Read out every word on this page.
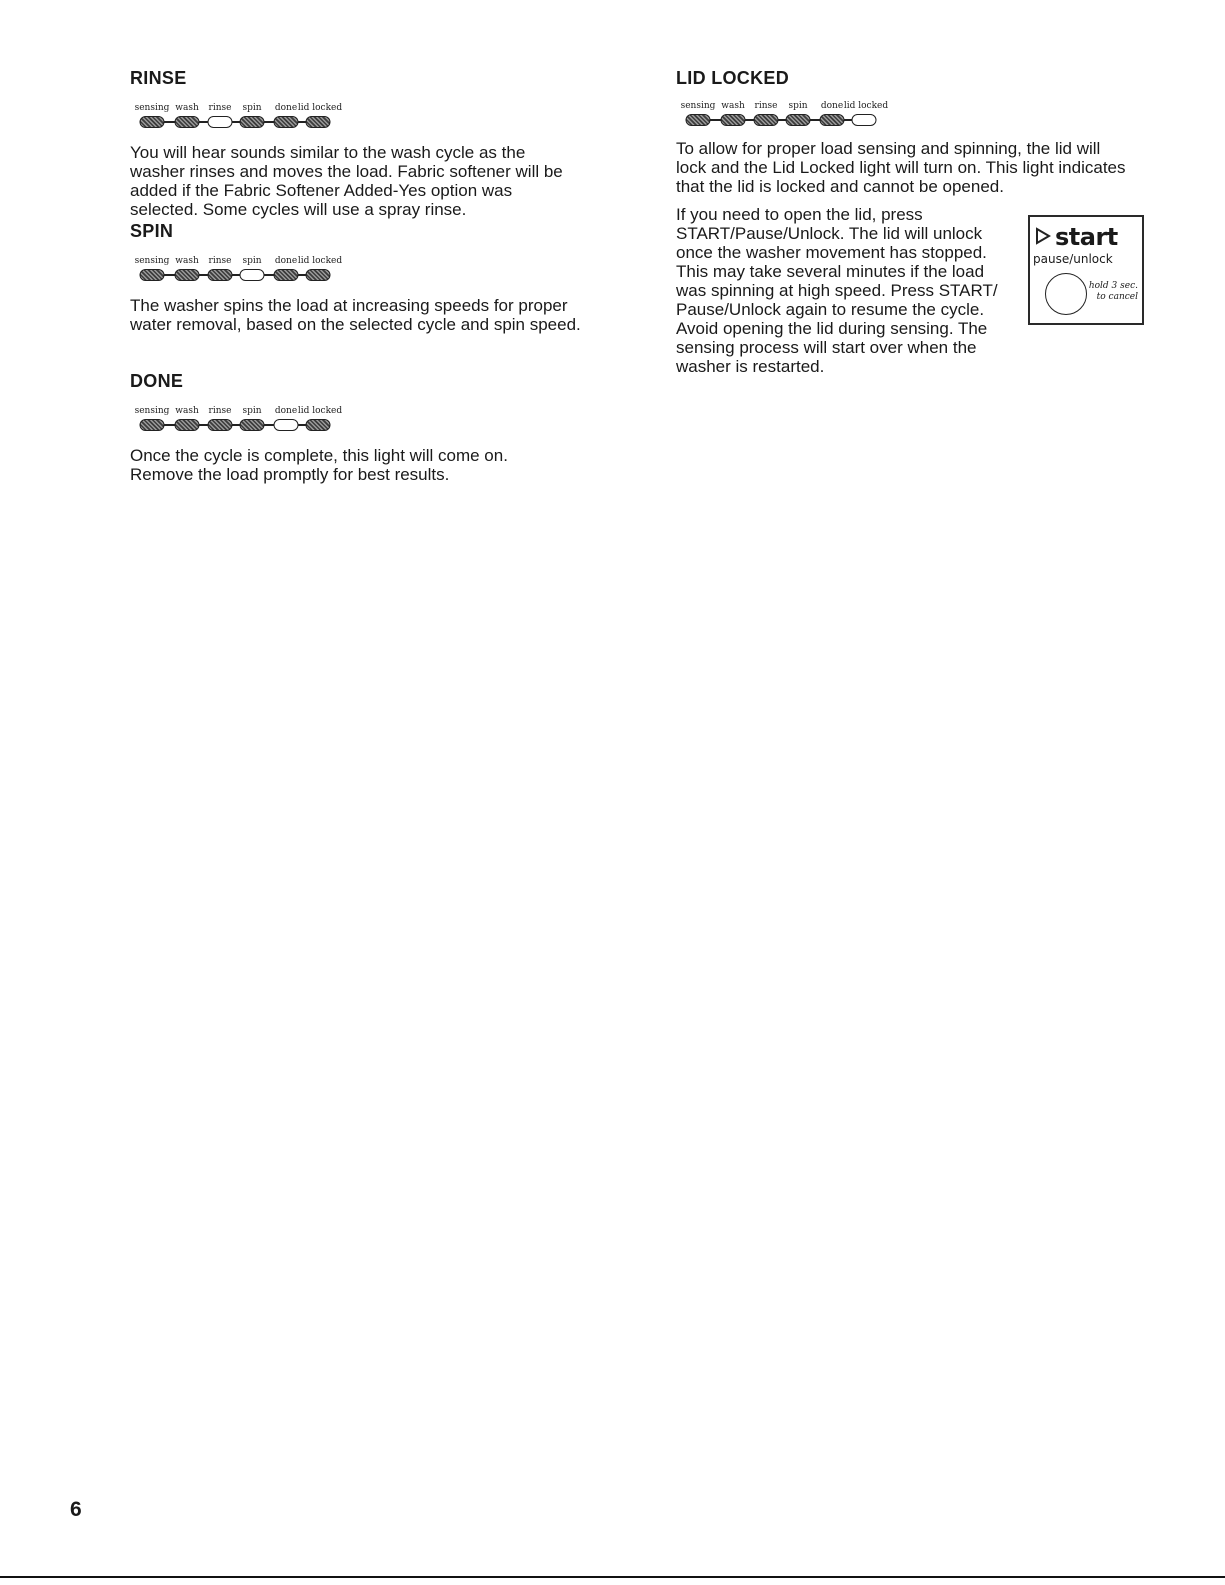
RINSE
sensing wash rinse spin done lid locked

You will hear sounds similar to the wash cycle as the washer rinses and moves the load. Fabric softener will be added if the Fabric Softener Added-Yes option was selected. Some cycles will use a spray rinse.

SPIN
sensing wash rinse spin done lid locked

The washer spins the load at increasing speeds for proper water removal, based on the selected cycle and spin speed.

DONE
sensing wash rinse spin done lid locked

Once the cycle is complete, this light will come on. Remove the load promptly for best results.

LID LOCKED
sensing wash rinse spin done lid locked

To allow for proper load sensing and spinning, the lid will lock and the Lid Locked light will turn on. This light indicates that the lid is locked and cannot be opened.

If you need to open the lid, press START/Pause/Unlock. The lid will unlock once the washer movement has stopped. This may take several minutes if the load was spinning at high speed. Press START/ Pause/Unlock again to resume the cycle. Avoid opening the lid during sensing. The sensing process will start over when the washer is restarted.

start
pause/unlock
hold 3 sec.
to cancel
6
